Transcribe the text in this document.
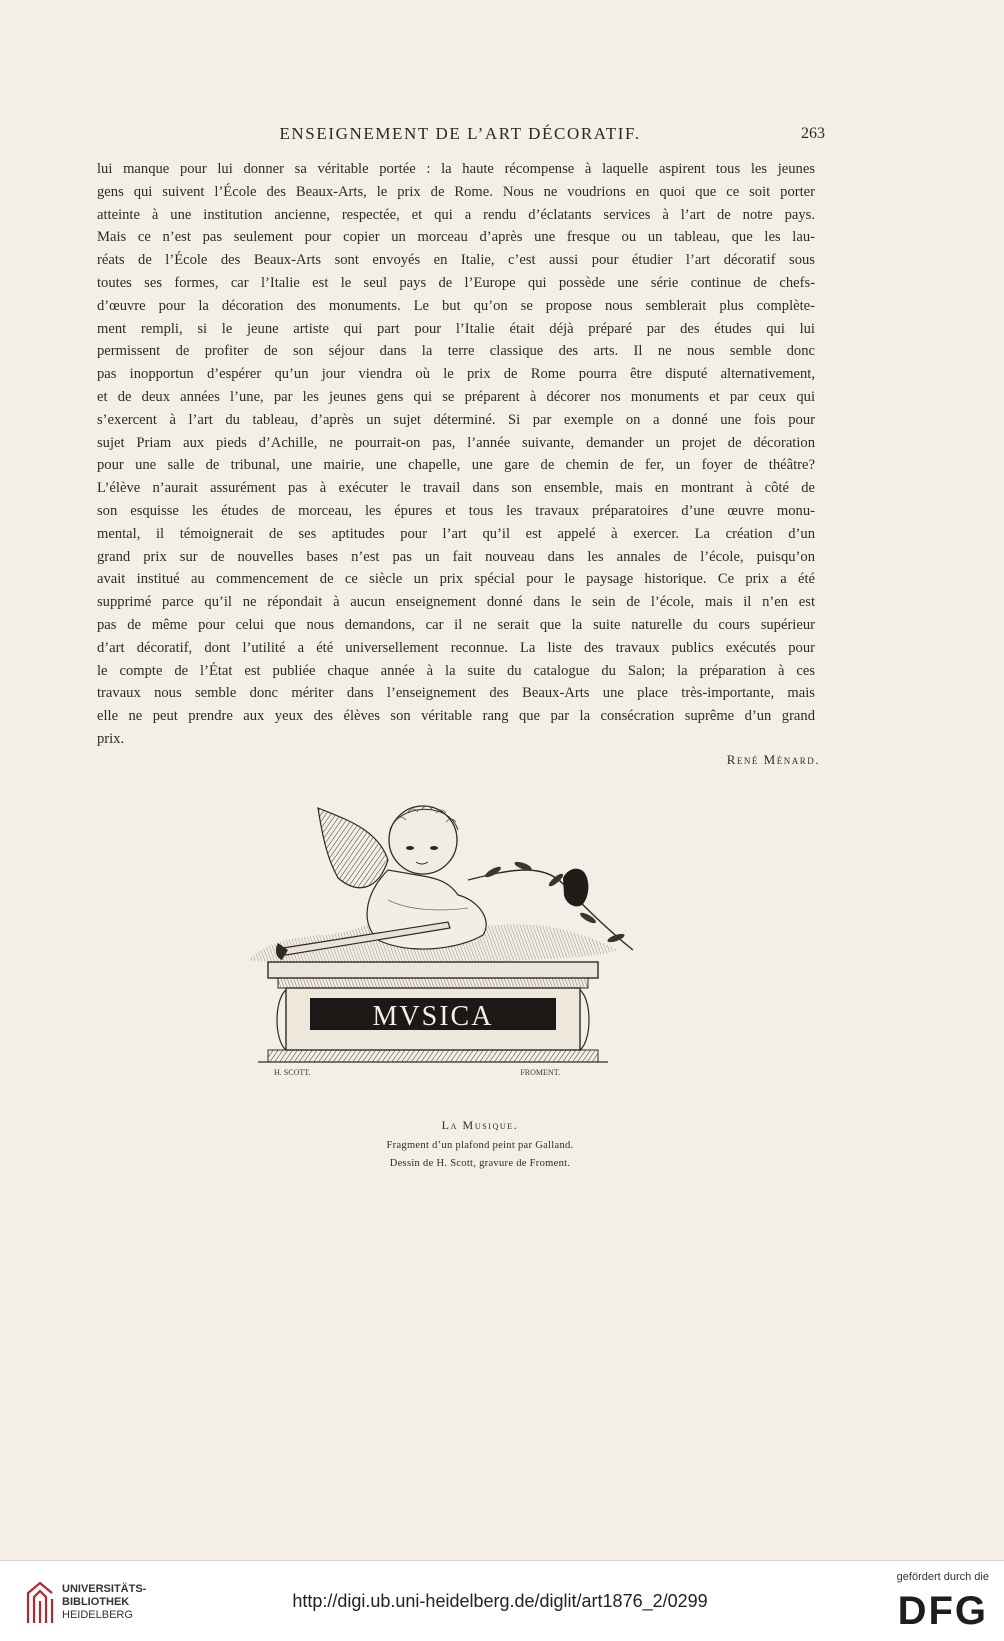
ENSEIGNEMENT DE L’ART DÉCORATIF.	263
lui manque pour lui donner sa véritable portée : la haute récompense à laquelle aspirent tous les jeunes
gens qui suivent l’École des Beaux-Arts, le prix de Rome. Nous ne voudrions en quoi que ce soit porter
atteinte à une institution ancienne, respectée, et qui a rendu d’éclatants services à l’art de notre pays.
Mais ce n’est pas seulement pour copier un morceau d’après une fresque ou un tableau, que les lau-
réats de l’École des Beaux-Arts sont envoyés en Italie, c’est aussi pour étudier l’art décoratif sous
toutes ses formes, car l’Italie est le seul pays de l’Europe qui possède une série continue de chefs-
d’œuvre pour la décoration des monuments. Le but qu’on se propose nous semblerait plus complète-
ment rempli, si le jeune artiste qui part pour l’Italie était déjà préparé par des études qui lui
permissent de profiter de son séjour dans la terre classique des arts. Il ne nous semble donc
pas inopportun d’espérer qu’un jour viendra où le prix de Rome pourra être disputé alternativement,
et de deux années l’une, par les jeunes gens qui se préparent à décorer nos monuments et par ceux qui
s’exercent à l’art du tableau, d’après un sujet déterminé. Si par exemple on a donné une fois pour
sujet Priam aux pieds d’Achille, ne pourrait-on pas, l’année suivante, demander un projet de décoration
pour une salle de tribunal, une mairie, une chapelle, une gare de chemin de fer, un foyer de théâtre?
L’élève n’aurait assurément pas à exécuter le travail dans son ensemble, mais en montrant à côté de
son esquisse les études de morceau, les épures et tous les travaux préparatoires d’une œuvre monu-
mental, il témoignerait de ses aptitudes pour l’art qu’il est appelé à exercer. La création d’un
grand prix sur de nouvelles bases n’est pas un fait nouveau dans les annales de l’école, puisqu’on
avait institué au commencement de ce siècle un prix spécial pour le paysage historique. Ce prix a été
supprimé parce qu’il ne répondait à aucun enseignement donné dans le sein de l’école, mais il n’en est
pas de même pour celui que nous demandons, car il ne serait que la suite naturelle du cours supérieur
d’art décoratif, dont l’utilité a été universellement reconnue. La liste des travaux publics exécutés pour
le compte de l’État est publiée chaque année à la suite du catalogue du Salon; la préparation à ces
travaux nous semble donc mériter dans l’enseignement des Beaux-Arts une place très-importante, mais
elle ne peut prendre aux yeux des élèves son véritable rang que par la consécration suprême d’un grand
prix.
René Ménard.
MVSICA
H. SCOTT.	FROMENT.
La Musique.
Fragment d’un plafond peint par Galland.
Dessin de H. Scott, gravure de Froment.
UNIVERSITÄTS-
BIBLIOTHEK
HEIDELBERG
http://digi.ub.uni-heidelberg.de/diglit/art1876_2/0299
gefördert durch die
DFG
